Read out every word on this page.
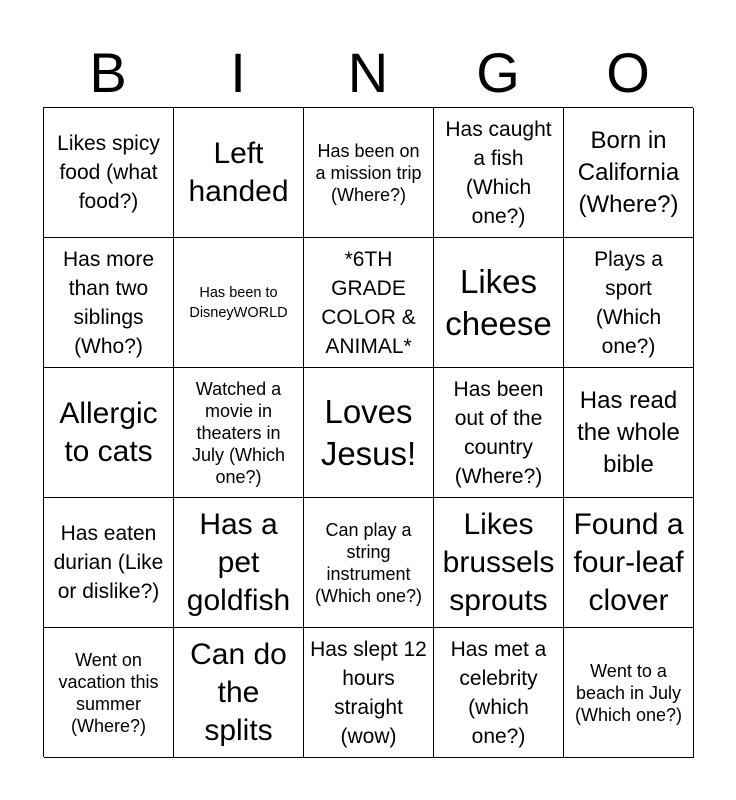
B	I	N	G	O
Likes spicy food (what food?)
Left handed
Has been on a mission trip (Where?)
Has caught a fish (Which one?)
Born in California (Where?)
Has more than two siblings (Who?)
Has been to DisneyWORLD
*6TH GRADE COLOR & ANIMAL*
Likes cheese
Plays a sport (Which one?)
Allergic to cats
Watched a movie in theaters in July (Which one?)
Loves Jesus!
Has been out of the country (Where?)
Has read the whole bible
Has eaten durian (Like or dislike?)
Has a pet goldfish
Can play a string instrument (Which one?)
Likes brussels sprouts
Found a four-leaf clover
Went on vacation this summer (Where?)
Can do the splits
Has slept 12 hours straight (wow)
Has met a celebrity (which one?)
Went to a beach in July (Which one?)
